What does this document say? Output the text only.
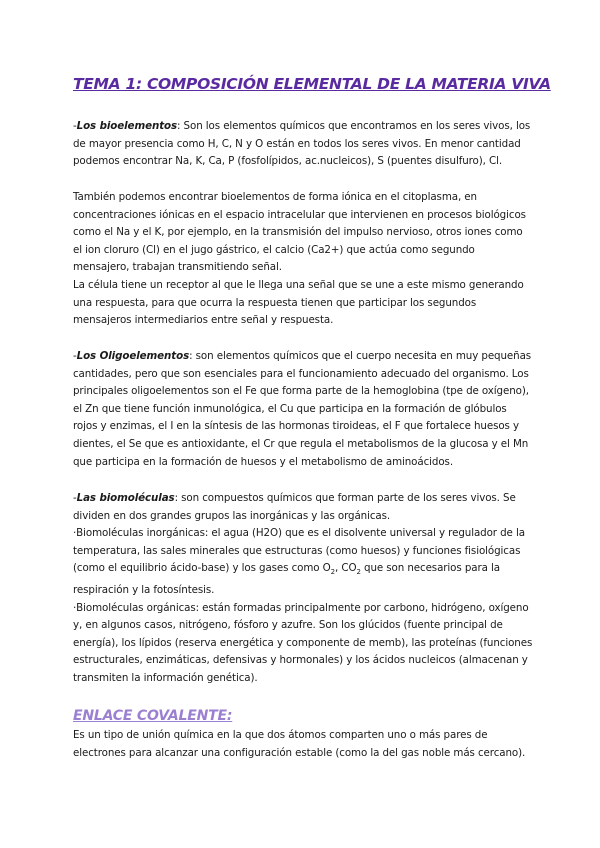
TEMA 1: COMPOSICIÓN ELEMENTAL DE LA MATERIA VIVA

-Los bioelementos: Son los elementos químicos que encontramos en los seres vivos, los de mayor presencia como H, C, N y O están en todos los seres vivos. En menor cantidad podemos encontrar Na, K, Ca, P (fosfolípidos, ac.nucleicos), S (puentes disulfuro), Cl.

También podemos encontrar bioelementos de forma iónica en el citoplasma, en concentraciones iónicas en el espacio intracelular que intervienen en procesos biológicos como el Na y el K, por ejemplo, en la transmisión del impulso nervioso, otros iones como el ion cloruro (Cl) en el jugo gástrico, el calcio (Ca2+) que actúa como segundo mensajero, trabajan transmitiendo señal.

La célula tiene un receptor al que le llega una señal que se une a este mismo generando una respuesta, para que ocurra la respuesta tienen que participar los segundos mensajeros intermediarios entre señal y respuesta.

-Los Oligoelementos: son elementos químicos que el cuerpo necesita en muy pequeñas cantidades, pero que son esenciales para el funcionamiento adecuado del organismo. Los principales oligoelementos son el Fe que forma parte de la hemoglobina (tpe de oxígeno), el Zn que tiene función inmunológica, el Cu que participa en la formación de glóbulos rojos y enzimas, el I en la síntesis de las hormonas tiroideas, el F que fortalece huesos y dientes, el Se que es antioxidante, el Cr que regula el metabolismos de la glucosa y el Mn que participa en la formación de huesos y el metabolismo de aminoácidos.

-Las biomoléculas: son compuestos químicos que forman parte de los seres vivos. Se dividen en dos grandes grupos las inorgánicas y las orgánicas.

·Biomoléculas inorgánicas: el agua (H2O) que es el disolvente universal y regulador de la temperatura, las sales minerales que estructuras (como huesos) y funciones fisiológicas (como el equilibrio ácido-base) y los gases como $O_2$, $CO_2$ que son necesarios para la respiración y la fotosíntesis.

·Biomoléculas orgánicas: están formadas principalmente por carbono, hidrógeno, oxígeno y, en algunos casos, nitrógeno, fósforo y azufre. Son los glúcidos (fuente principal de energía), los lípidos (reserva energética y componente de memb), las proteínas (funciones estructurales, enzimáticas, defensivas y hormonales) y los ácidos nucleicos (almacenan y transmiten la información genética).

ENLACE COVALENTE:

Es un tipo de unión química en la que dos átomos comparten uno o más pares de electrones para alcanzar una configuración estable (como la del gas noble más cercano).
